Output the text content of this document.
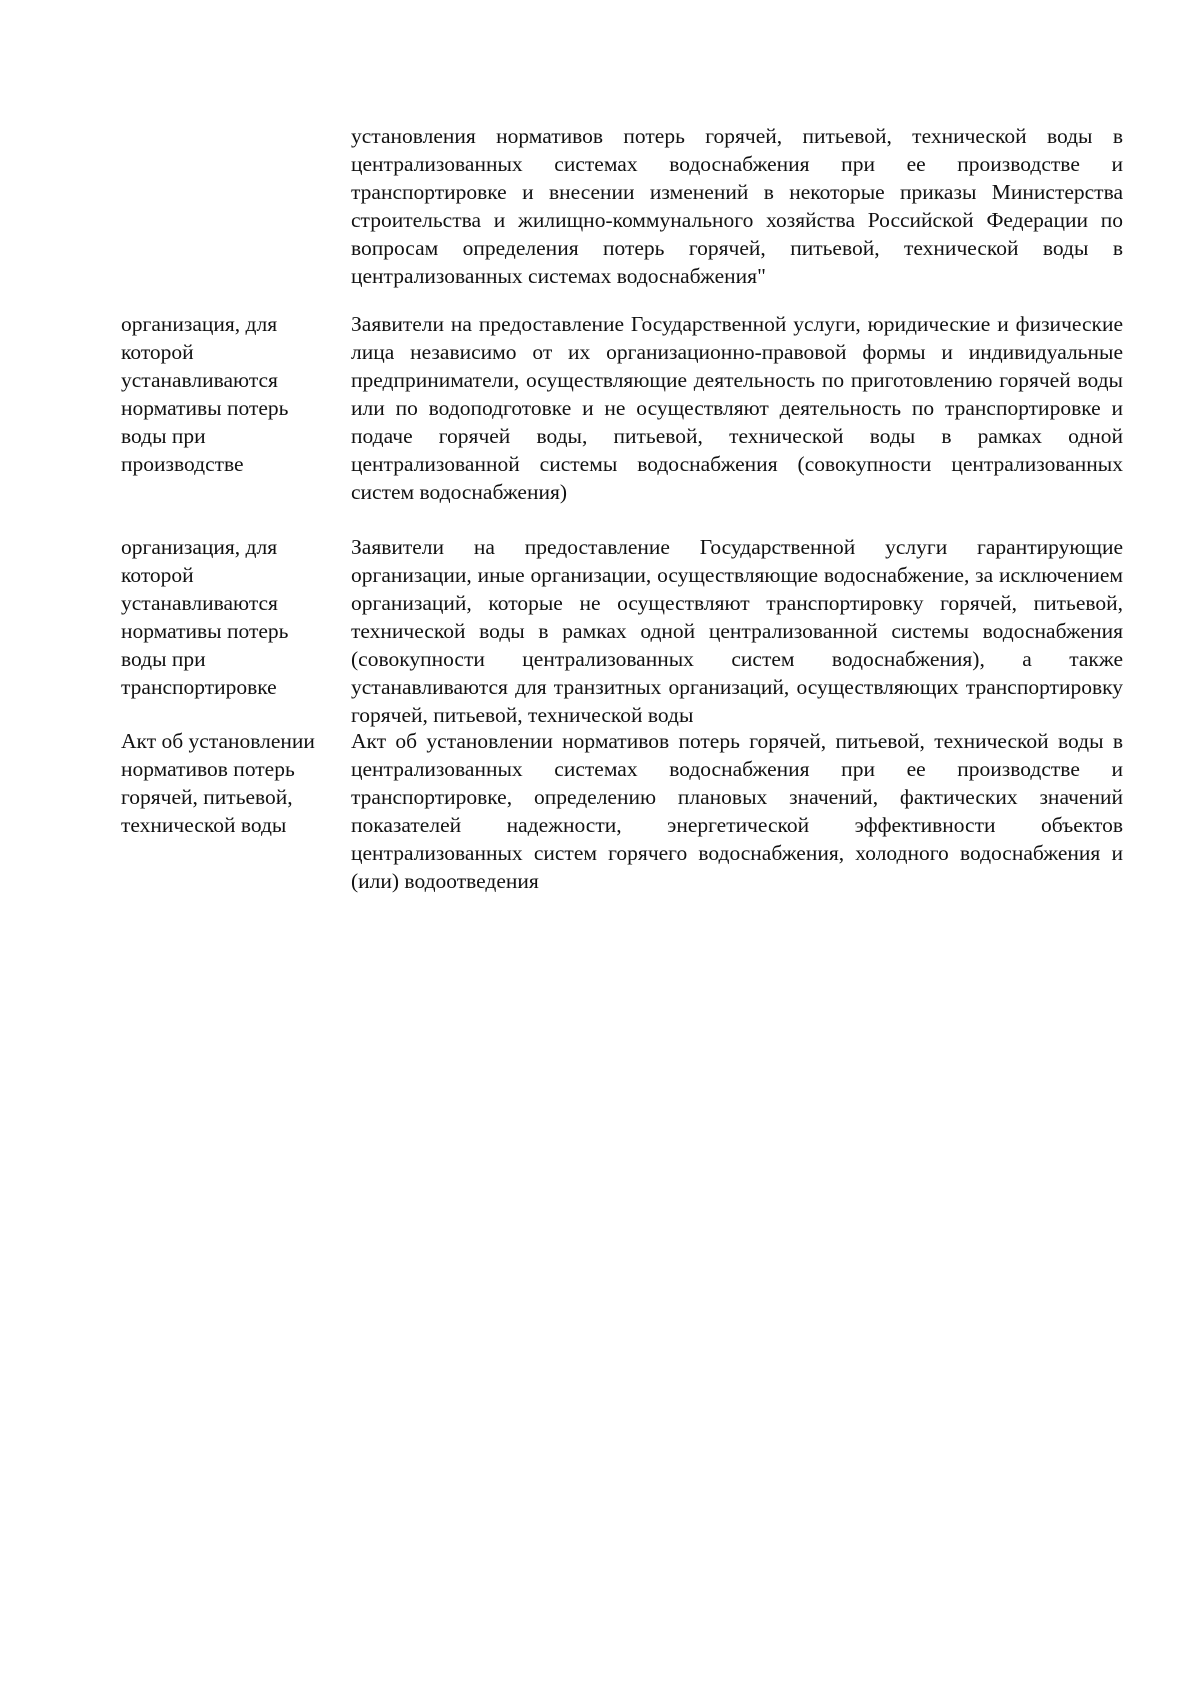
установления нормативов потерь горячей, питьевой, технической воды в централизованных системах водоснабжения при ее производстве и транспортировке и внесении изменений в некоторые приказы Министерства строительства и жилищно-коммунального хозяйства Российской Федерации по вопросам определения потерь горячей, питьевой, технической воды в централизованных системах водоснабжения"
организация, для которой устанавливаются нормативы потерь воды при производстве
Заявители на предоставление Государственной услуги, юридические и физические лица независимо от их организационно-правовой формы и индивидуальные предприниматели, осуществляющие деятельность по приготовлению горячей воды или по водоподготовке и не осуществляют деятельность по транспортировке и подаче горячей воды, питьевой, технической воды в рамках одной централизованной системы водоснабжения (совокупности централизованных систем водоснабжения)
организация, для которой устанавливаются нормативы потерь воды при транспортировке
Заявители на предоставление Государственной услуги гарантирующие организации, иные организации, осуществляющие водоснабжение, за исключением организаций, которые не осуществляют транспортировку горячей, питьевой, технической воды в рамках одной централизованной системы водоснабжения (совокупности централизованных систем водоснабжения), а также устанавливаются для транзитных организаций, осуществляющих транспортировку горячей, питьевой, технической воды
Акт об установлении нормативов потерь горячей, питьевой, технической воды
Акт об установлении нормативов потерь горячей, питьевой, технической воды в централизованных системах водоснабжения при ее производстве и транспортировке, определению плановых значений, фактических значений показателей надежности, энергетической эффективности объектов централизованных систем горячего водоснабжения, холодного водоснабжения и (или) водоотведения
